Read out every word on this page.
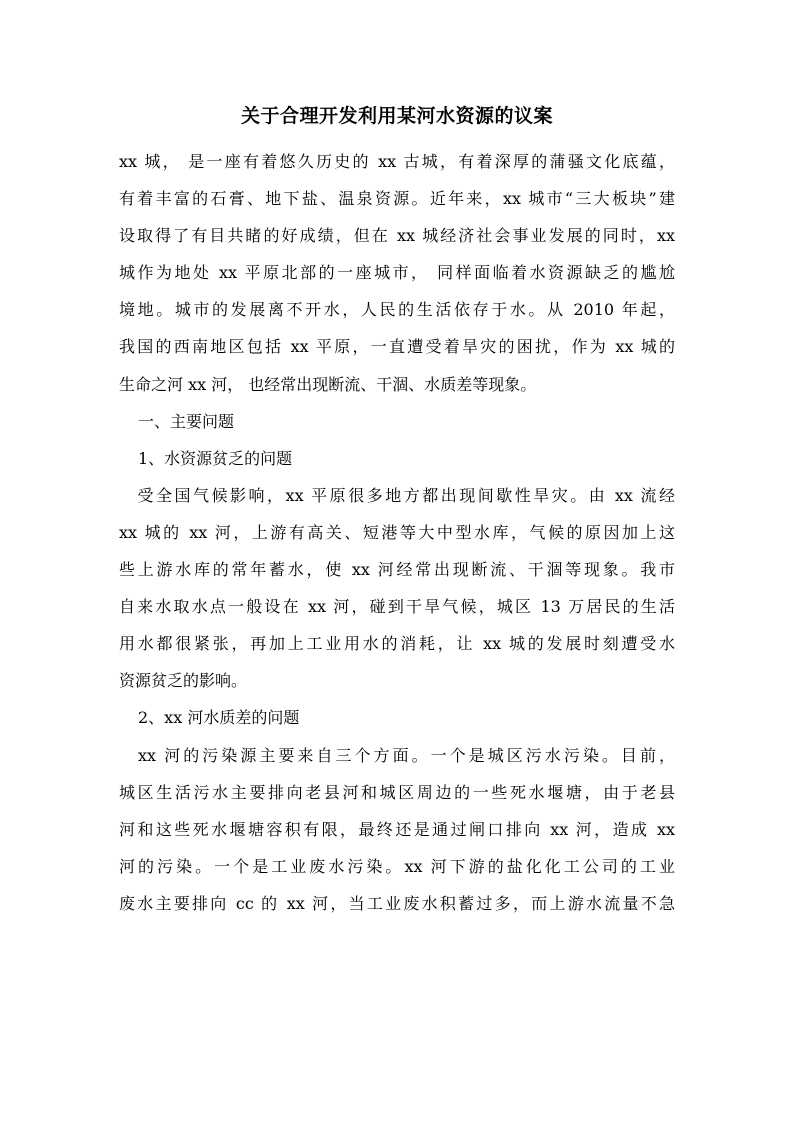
关于合理开发利用某河水资源的议案
xx 城， 是一座有着悠久历史的 xx 古城，有着深厚的蒲骚文化底蕴，
有着丰富的石膏、地下盐、温泉资源。近年来，xx 城市“三大板块”建
设取得了有目共睹的好成绩，但在 xx 城经济社会事业发展的同时，xx
城作为地处 xx 平原北部的一座城市， 同样面临着水资源缺乏的尴尬
境地。城市的发展离不开水，人民的生活依存于水。从 2010 年起，
我国的西南地区包括 xx 平原，一直遭受着旱灾的困扰，作为 xx 城的
生命之河 xx 河， 也经常出现断流、干涸、水质差等现象。
一、主要问题
1、水资源贫乏的问题
　受全国气候影响，xx 平原很多地方都出现间歇性旱灾。由 xx 流经
xx 城的 xx 河，上游有高关、短港等大中型水库，气候的原因加上这
些上游水库的常年蓄水，使 xx 河经常出现断流、干涸等现象。我市
自来水取水点一般设在 xx 河，碰到干旱气候，城区 13 万居民的生活
用水都很紧张，再加上工业用水的消耗，让 xx 城的发展时刻遭受水
资源贫乏的影响。
2、xx 河水质差的问题
　xx 河的污染源主要来自三个方面。一个是城区污水污染。目前，
城区生活污水主要排向老县河和城区周边的一些死水堰塘，由于老县
河和这些死水堰塘容积有限，最终还是通过闸口排向 xx 河，造成 xx
河的污染。一个是工业废水污染。xx 河下游的盐化化工公司的工业
废水主要排向 cc 的 xx 河，当工业废水积蓄过多，而上游水流量不急
